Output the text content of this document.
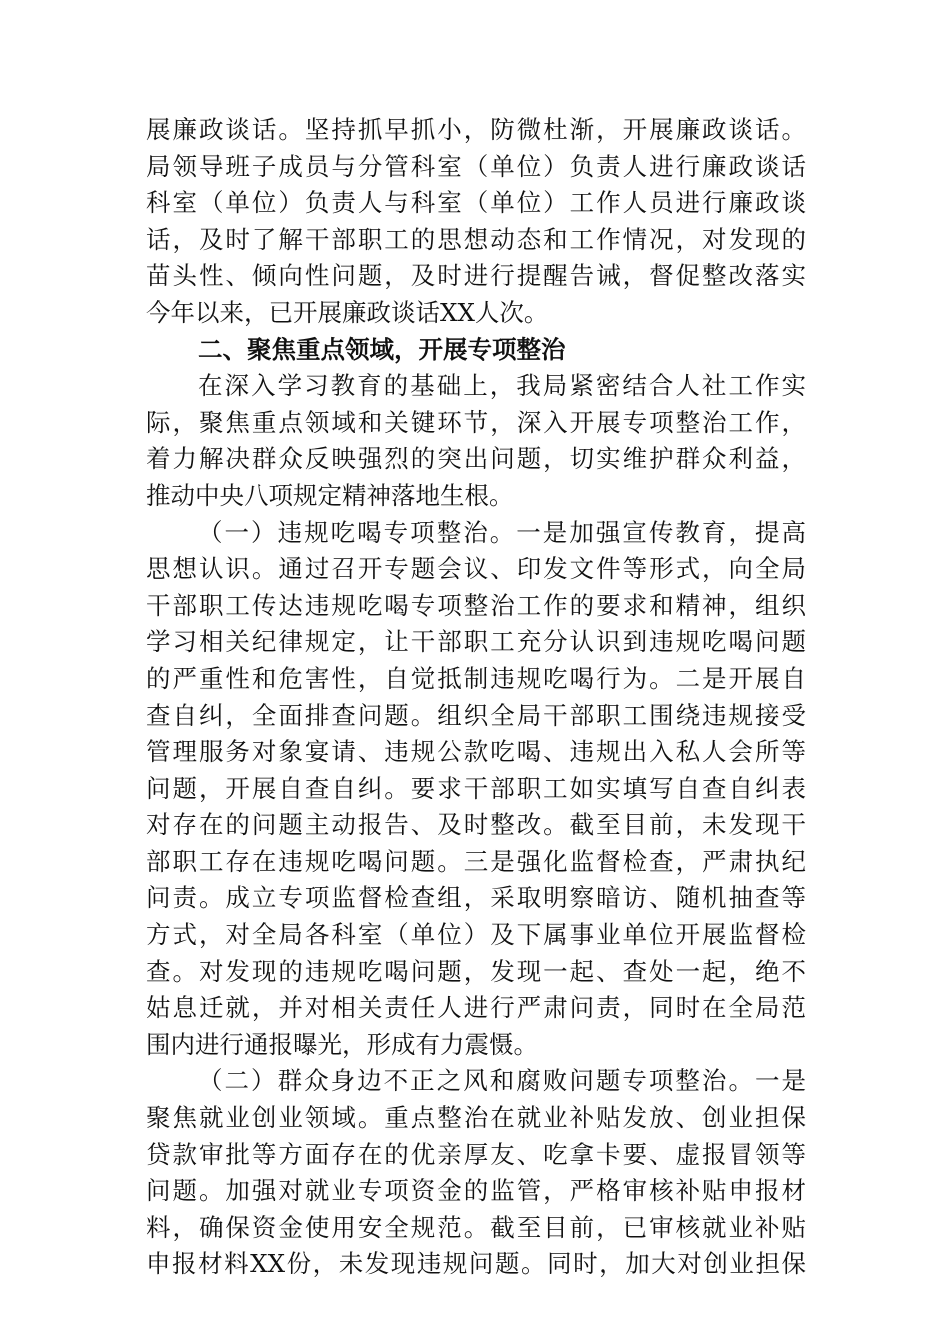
展廉政谈话。坚持抓早抓小，防微杜渐，开展廉政谈话。
局领导班子成员与分管科室（单位）负责人进行廉政谈话
科室（单位）负责人与科室（单位）工作人员进行廉政谈
话，及时了解干部职工的思想动态和工作情况，对发现的
苗头性、倾向性问题，及时进行提醒告诫，督促整改落实
今年以来，已开展廉政谈话XX人次。
二、聚焦重点领域，开展专项整治
在深入学习教育的基础上，我局紧密结合人社工作实
际，聚焦重点领域和关键环节，深入开展专项整治工作，
着力解决群众反映强烈的突出问题，切实维护群众利益，
推动中央八项规定精神落地生根。
（一）违规吃喝专项整治。一是加强宣传教育，提高
思想认识。通过召开专题会议、印发文件等形式，向全局
干部职工传达违规吃喝专项整治工作的要求和精神，组织
学习相关纪律规定，让干部职工充分认识到违规吃喝问题
的严重性和危害性，自觉抵制违规吃喝行为。二是开展自
查自纠，全面排查问题。组织全局干部职工围绕违规接受
管理服务对象宴请、违规公款吃喝、违规出入私人会所等
问题，开展自查自纠。要求干部职工如实填写自查自纠表
对存在的问题主动报告、及时整改。截至目前，未发现干
部职工存在违规吃喝问题。三是强化监督检查，严肃执纪
问责。成立专项监督检查组，采取明察暗访、随机抽查等
方式，对全局各科室（单位）及下属事业单位开展监督检
查。对发现的违规吃喝问题，发现一起、查处一起，绝不
姑息迁就，并对相关责任人进行严肃问责，同时在全局范
围内进行通报曝光，形成有力震慑。
（二）群众身边不正之风和腐败问题专项整治。一是
聚焦就业创业领域。重点整治在就业补贴发放、创业担保
贷款审批等方面存在的优亲厚友、吃拿卡要、虚报冒领等
问题。加强对就业专项资金的监管，严格审核补贴申报材
料，确保资金使用安全规范。截至目前，已审核就业补贴
申报材料XX份，未发现违规问题。同时，加大对创业担保
